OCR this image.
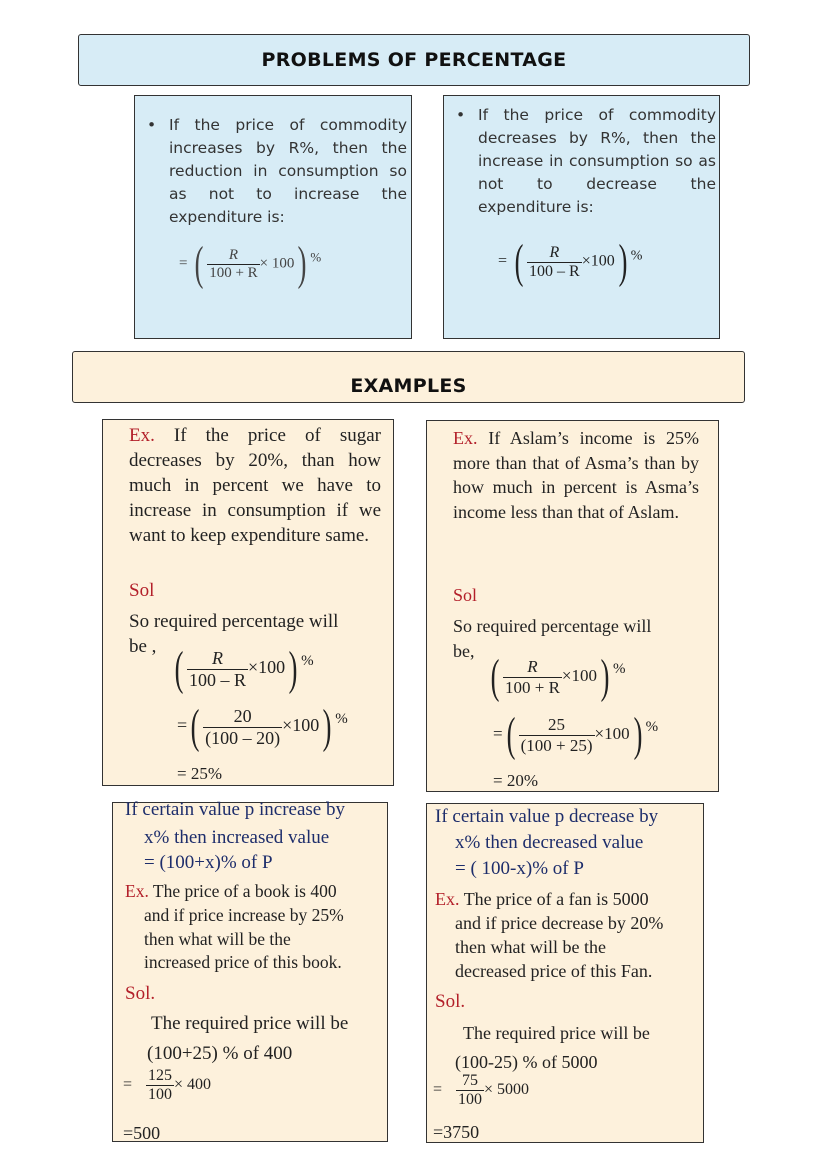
PROBLEMS OF PERCENTAGE
• If the price of commodity increases by R%, then the reduction in consumption so as not to increase the expenditure is:
= ( $\frac{R}{100 + R} \times 100$) %
• If the price of commodity decreases by R%, then the increase in consumption so as not to decrease the expenditure is:
= ( $\frac{R}{100 - R} \times 100$) %
EXAMPLES
Ex. If the price of sugar decreases by 20%, than how much in percent we have to increase in consumption if we want to keep expenditure same.
Sol
So required percentage will
be , ( $\frac{R}{100 - R} \times 100$) %
=( $\frac{20}{(100 - 20)} \times 100$) %
= 25%
Ex. If Aslam’s income is 25% more than that of Asma’s than by how much in percent is Asma’s income less than that of Aslam.
Sol
So required percentage will
be, ( $\frac{R}{100 + R} \times 100$) %
=( $\frac{25}{(100 + 25)} \times 100$) %
= 20%
If certain value p increase by
x% then increased value
= (100+x)% of P
Ex. The price of a book is 400
and if price increase by 25%
then what will be the
increased price of this book.
Sol.
The required price will be
(100+25) % of 400
= $\frac{125}{100} \times 400$
=500
If certain value p decrease by
x% then decreased value
= ( 100-x)% of P
Ex. The price of a fan is 5000
and if price decrease by 20%
then what will be the
decreased price of this Fan.
Sol.
The required price will be
(100-25) % of 5000
= $\frac{75}{100} \times 5000$
=3750
